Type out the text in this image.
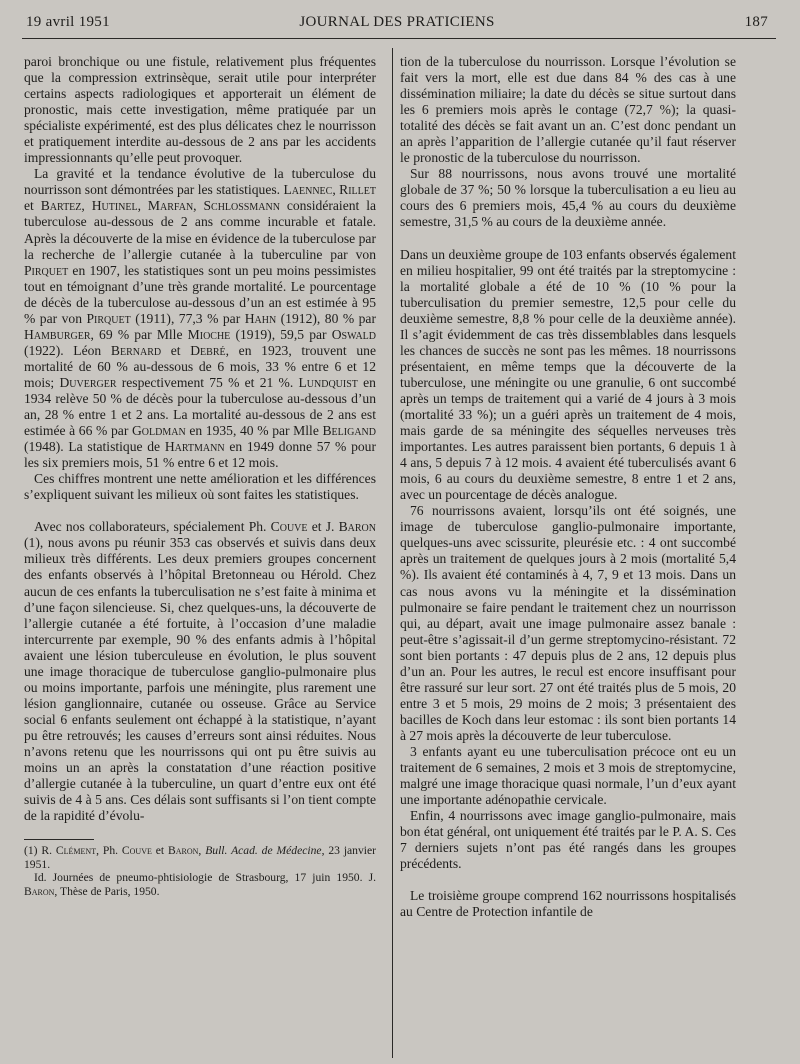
19 avril 1951	JOURNAL DES PRATICIENS	187

paroi bronchique ou une fistule, relativement plus fréquentes que la compression extrinsèque, serait utile pour interpréter certains aspects radiologiques et apporterait un élément de pronostic, mais cette investigation, même pratiquée par un spécialiste expérimenté, est des plus délicates chez le nourrisson et pratiquement interdite au-dessous de 2 ans par les accidents impressionnants qu’elle peut provoquer.

La gravité et la tendance évolutive de la tuberculose du nourrisson sont démontrées par les statistiques. Laennec, Rillet et Bartez, Hutinel, Marfan, Schlossmann considéraient la tuberculose au-dessous de 2 ans comme incurable et fatale. Après la découverte de la mise en évidence de la tuberculose par la recherche de l’allergie cutanée à la tuberculine par von Pirquet en 1907, les statistiques sont un peu moins pessimistes tout en témoignant d’une très grande mortalité. Le pourcentage de décès de la tuberculose au-dessous d’un an est estimée à 95 % par von Pirquet (1911), 77,3 % par Hahn (1912), 80 % par Hamburger, 69 % par Mlle Mioche (1919), 59,5 par Oswald (1922). Léon Bernard et Debré, en 1923, trouvent une mortalité de 60 % au-dessous de 6 mois, 33 % entre 6 et 12 mois; Duverger respectivement 75 % et 21 %. Lundquist en 1934 relève 50 % de décès pour la tuberculose au-dessous d’un an, 28 % entre 1 et 2 ans. La mortalité au-dessous de 2 ans est estimée à 66 % par Goldman en 1935, 40 % par Mlle Beligand (1948). La statistique de Hartmann en 1949 donne 57 % pour les six premiers mois, 51 % entre 6 et 12 mois.

Ces chiffres montrent une nette amélioration et les différences s’expliquent suivant les milieux où sont faites les statistiques.

Avec nos collaborateurs, spécialement Ph. Couve et J. Baron (1), nous avons pu réunir 353 cas observés et suivis dans deux milieux très différents. Les deux premiers groupes concernent des enfants observés à l’hôpital Bretonneau ou Hérold. Chez aucun de ces enfants la tuberculisation ne s’est faite à minima et d’une façon silencieuse. Si, chez quelques-uns, la découverte de l’allergie cutanée a été fortuite, à l’occasion d’une maladie intercurrente par exemple, 90 % des enfants admis à l’hôpital avaient une lésion tuberculeuse en évolution, le plus souvent une image thoracique de tuberculose ganglio-pulmonaire plus ou moins importante, parfois une méningite, plus rarement une lésion ganglionnaire, cutanée ou osseuse. Grâce au Service social 6 enfants seulement ont échappé à la statistique, n’ayant pu être retrouvés; les causes d’erreurs sont ainsi réduites. Nous n’avons retenu que les nourrissons qui ont pu être suivis au moins un an après la constatation d’une réaction positive d’allergie cutanée à la tuberculine, un quart d’entre eux ont été suivis de 4 à 5 ans. Ces délais sont suffisants si l’on tient compte de la rapidité d’évolu-

(1) R. Clément, Ph. Couve et Baron, Bull. Acad. de Médecine, 23 janvier 1951.

Id. Journées de pneumo-phtisiologie de Strasbourg, 17 juin 1950. J. Baron, Thèse de Paris, 1950.

tion de la tuberculose du nourrisson. Lorsque l’évolution se fait vers la mort, elle est due dans 84 % des cas à une dissémination miliaire; la date du décès se situe surtout dans les 6 premiers mois après le contage (72,7 %); la quasi-totalité des décès se fait avant un an. C’est donc pendant un an après l’apparition de l’allergie cutanée qu’il faut réserver le pronostic de la tuberculose du nourrisson.

Sur 88 nourrissons, nous avons trouvé une mortalité globale de 37 %; 50 % lorsque la tuberculisation a eu lieu au cours des 6 premiers mois, 45,4 % au cours du deuxième semestre, 31,5 % au cours de la deuxième année.

Dans un deuxième groupe de 103 enfants observés également en milieu hospitalier, 99 ont été traités par la streptomycine : la mortalité globale a été de 10 % (10 % pour la tuberculisation du premier semestre, 12,5 pour celle du deuxième semestre, 8,8 % pour celle de la deuxième année). Il s’agit évidemment de cas très dissemblables dans lesquels les chances de succès ne sont pas les mêmes. 18 nourrissons présentaient, en même temps que la découverte de la tuberculose, une méningite ou une granulie, 6 ont succombé après un temps de traitement qui a varié de 4 jours à 3 mois (mortalité 33 %); un a guéri après un traitement de 4 mois, mais garde de sa méningite des séquelles nerveuses très importantes. Les autres paraissent bien portants, 6 depuis 1 à 4 ans, 5 depuis 7 à 12 mois. 4 avaient été tuberculisés avant 6 mois, 6 au cours du deuxième semestre, 8 entre 1 et 2 ans, avec un pourcentage de décès analogue.

76 nourrissons avaient, lorsqu’ils ont été soignés, une image de tuberculose ganglio-pulmonaire importante, quelques-uns avec scissurite, pleurésie etc. : 4 ont succombé après un traitement de quelques jours à 2 mois (mortalité 5,4 %). Ils avaient été contaminés à 4, 7, 9 et 13 mois. Dans un cas nous avons vu la méningite et la dissémination pulmonaire se faire pendant le traitement chez un nourrisson qui, au départ, avait une image pulmonaire assez banale : peut-être s’agissait-il d’un germe streptomycino-résistant. 72 sont bien portants : 47 depuis plus de 2 ans, 12 depuis plus d’un an. Pour les autres, le recul est encore insuffisant pour être rassuré sur leur sort. 27 ont été traités plus de 5 mois, 20 entre 3 et 5 mois, 29 moins de 2 mois; 3 présentaient des bacilles de Koch dans leur estomac : ils sont bien portants 14 à 27 mois après la découverte de leur tuberculose.

3 enfants ayant eu une tuberculisation précoce ont eu un traitement de 6 semaines, 2 mois et 3 mois de streptomycine, malgré une image thoracique quasi normale, l’un d’eux ayant une importante adénopathie cervicale.

Enfin, 4 nourrissons avec image ganglio-pulmonaire, mais bon état général, ont uniquement été traités par le P. A. S. Ces 7 derniers sujets n’ont pas été rangés dans les groupes précédents.

Le troisième groupe comprend 162 nourrissons hospitalisés au Centre de Protection infantile de
